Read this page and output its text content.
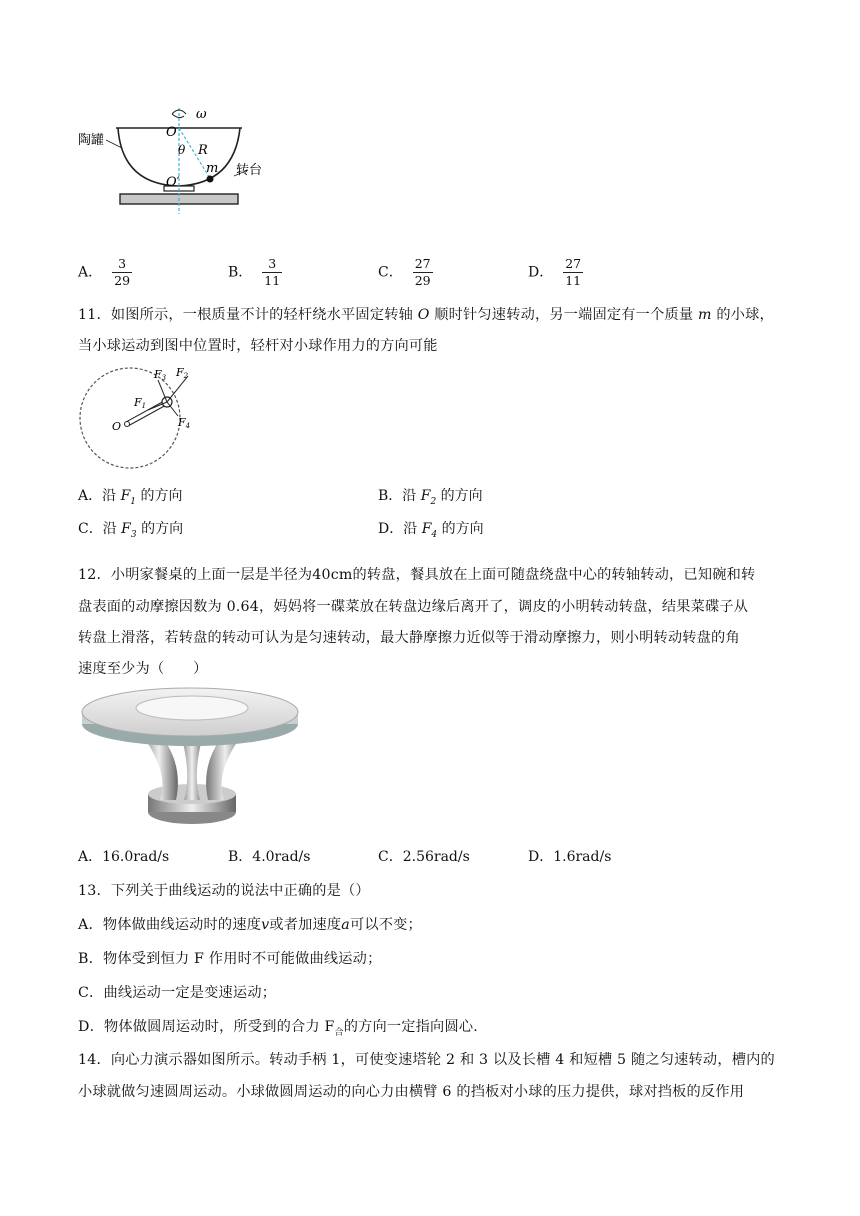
陶罐
转台
ω
O
O′
θ R
m
A． $\frac{3}{29}$	B． $\frac{3}{11}$	C． $\frac{27}{29}$	D． $\frac{27}{11}$
11．如图所示，一根质量不计的轻杆绕水平固定转轴 O 顺时针匀速转动，另一端固定有一个质量 m 的小球，
当小球运动到图中位置时，轻杆对小球作用力的方向可能
F1
F2
F3
F4
O
A．沿 $F_1$ 的方向	B．沿 $F_2$ 的方向
C．沿 $F_3$ 的方向	D．沿 $F_4$ 的方向
12．小明家餐桌的上面一层是半径为40cm的转盘，餐具放在上面可随盘绕盘中心的转轴转动，已知碗和转
盘表面的动摩擦因数为 0.64，妈妈将一碟菜放在转盘边缘后离开了，调皮的小明转动转盘，结果菜碟子从
转盘上滑落，若转盘的转动可认为是匀速转动，最大静摩擦力近似等于滑动摩擦力，则小明转动转盘的角
速度至少为（　　）
A．16.0rad/s	B．4.0rad/s	C．2.56rad/s	D．1.6rad/s
13．下列关于曲线运动的说法中正确的是（）
A．物体做曲线运动时的速度v或者加速度a可以不变；
B．物体受到恒力 F 作用时不可能做曲线运动；
C．曲线运动一定是变速运动；
D．物体做圆周运动时，所受到的合力 $F_合$的方向一定指向圆心.
14．向心力演示器如图所示。转动手柄 1，可使变速塔轮 2 和 3 以及长槽 4 和短槽 5 随之匀速转动，槽内的
小球就做匀速圆周运动。小球做圆周运动的向心力由横臂 6 的挡板对小球的压力提供，球对挡板的反作用
